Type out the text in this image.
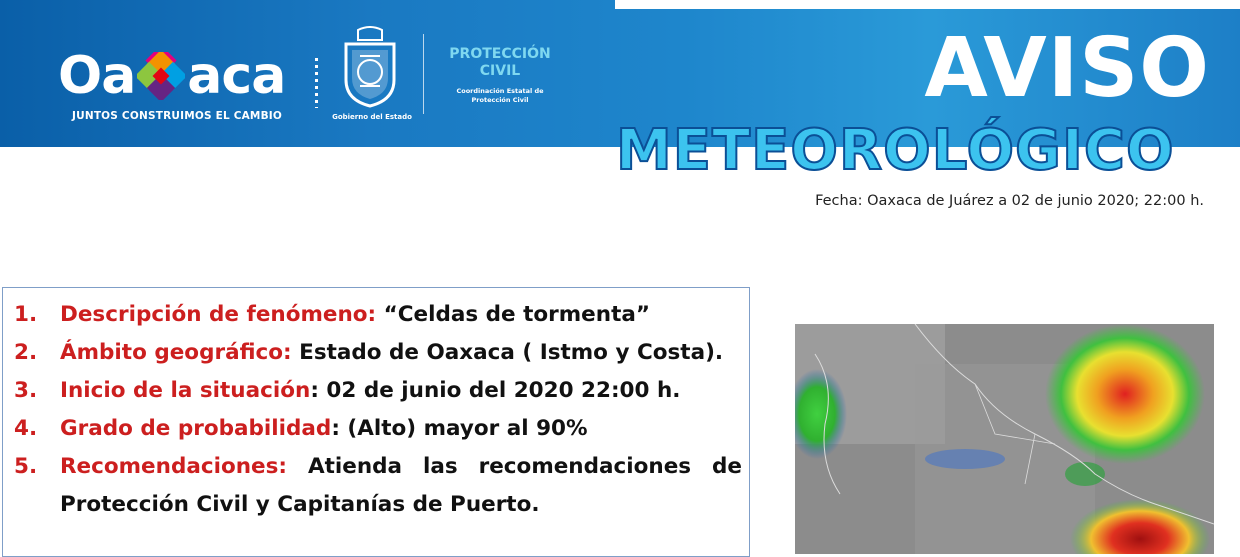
Oa aca
JUNTOS CONSTRUIMOS EL CAMBIO	Gobierno del Estado
PROTECCIÓN
CIVIL
Coordinación Estatal de
Protección Civil	AVISO
METEOROLÓGICO
Fecha: Oaxaca de Juárez a 02 de junio 2020; 22:00 h.
1. Descripción de fenómeno: “Celdas de tormenta”
2. Ámbito geográfico: Estado de Oaxaca ( Istmo y Costa).
3. Inicio de la situación: 02 de junio del 2020 22:00 h.
4. Grado de probabilidad: (Alto) mayor al 90%
5. Recomendaciones: Atienda las recomendaciones de Protección Civil y Capitanías de Puerto.
